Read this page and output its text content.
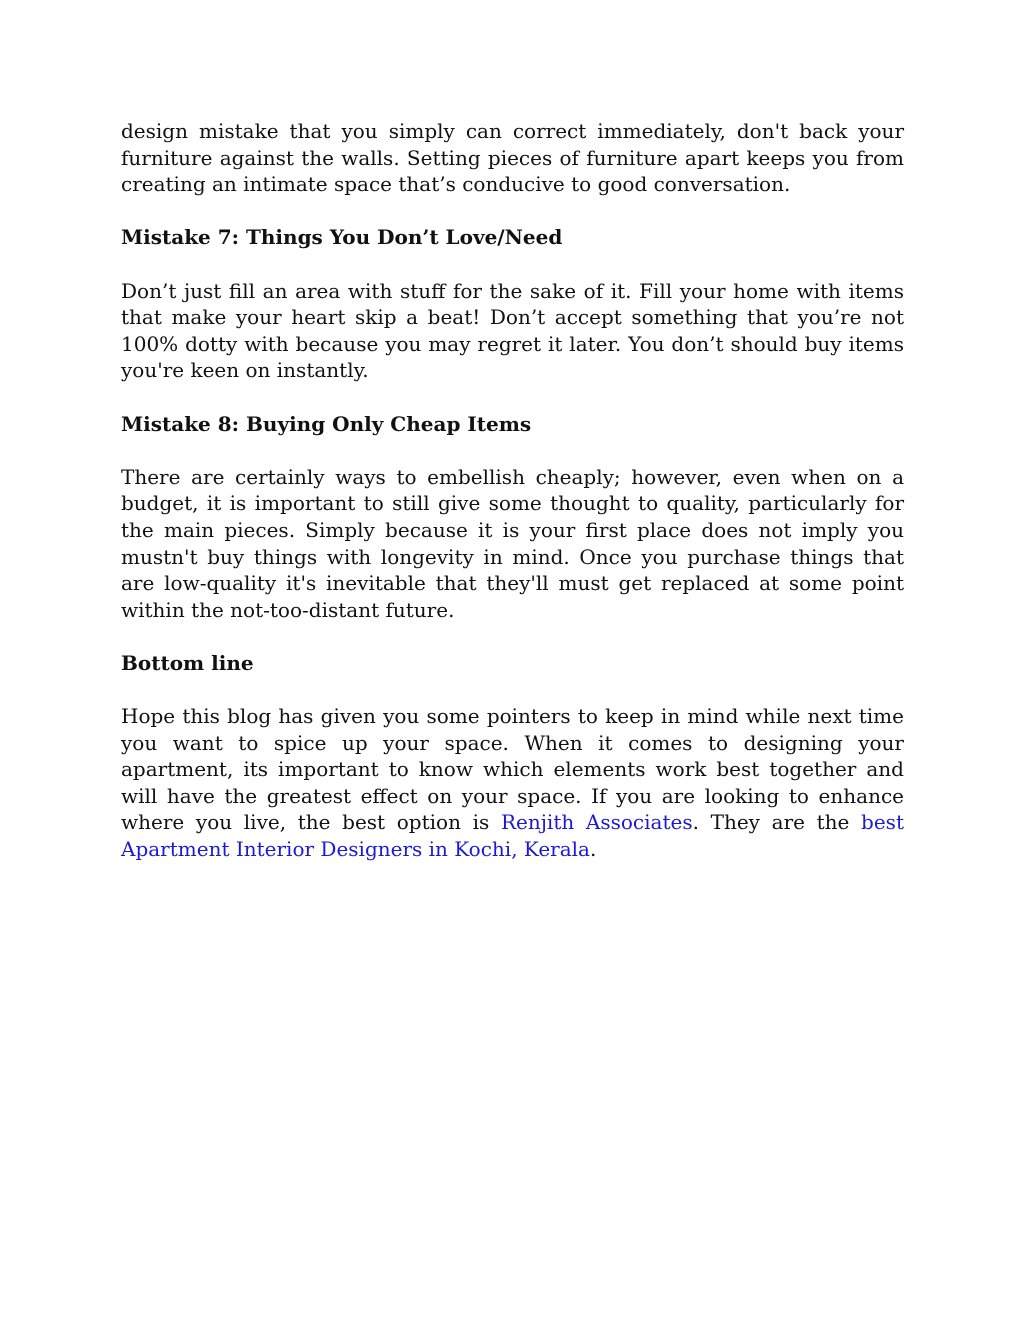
design mistake that you simply can correct immediately, don't back your furniture against the walls. Setting pieces of furniture apart keeps you from creating an intimate space that’s conducive to good conversation.

Mistake 7: Things You Don’t Love/Need

Don’t just fill an area with stuff for the sake of it. Fill your home with items that make your heart skip a beat! Don’t accept something that you’re not 100% dotty with because you may regret it later. You don’t should buy items you're keen on instantly.

Mistake 8: Buying Only Cheap Items

There are certainly ways to embellish cheaply; however, even when on a budget, it is important to still give some thought to quality, particularly for the main pieces. Simply because it is your first place does not imply you mustn't buy things with longevity in mind. Once you purchase things that are low-quality it's inevitable that they'll must get replaced at some point within the not-too-distant future.

Bottom line

Hope this blog has given you some pointers to keep in mind while next time you want to spice up your space. When it comes to designing your apartment, its important to know which elements work best together and will have the greatest effect on your space. If you are looking to enhance where you live, the best option is Renjith Associates. They are the best Apartment Interior Designers in Kochi, Kerala.
